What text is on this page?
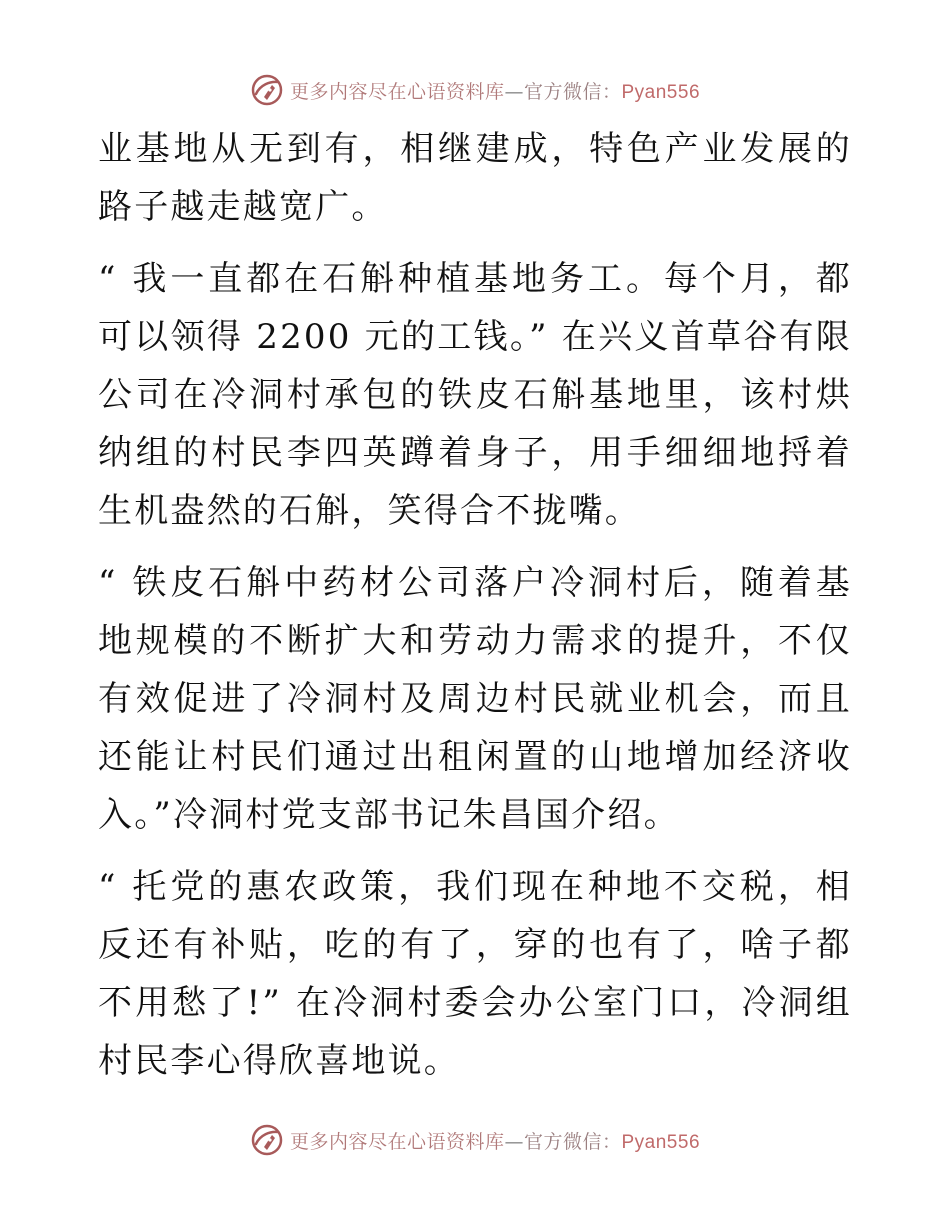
更多内容尽在心语资料库—官方微信：Pyan556

业基地从无到有，相继建成，特色产业发展的路子越走越宽广。

“ 我一直都在石斛种植基地务工。每个月，都可以领得 2200 元的工钱。” 在兴义首草谷有限公司在冷洞村承包的铁皮石斛基地里，该村烘纳组的村民李四英蹲着身子，用手细细地捋着生机盎然的石斛，笑得合不拢嘴。

“ 铁皮石斛中药材公司落户冷洞村后，随着基地规模的不断扩大和劳动力需求的提升，不仅有效促进了冷洞村及周边村民就业机会，而且还能让村民们通过出租闲置的山地增加经济收入。”冷洞村党支部书记朱昌国介绍。

“ 托党的惠农政策，我们现在种地不交税，相反还有补贴，吃的有了，穿的也有了，啥子都不用愁了!” 在冷洞村委会办公室门口，冷洞组村民李心得欣喜地说。

更多内容尽在心语资料库—官方微信：Pyan556
